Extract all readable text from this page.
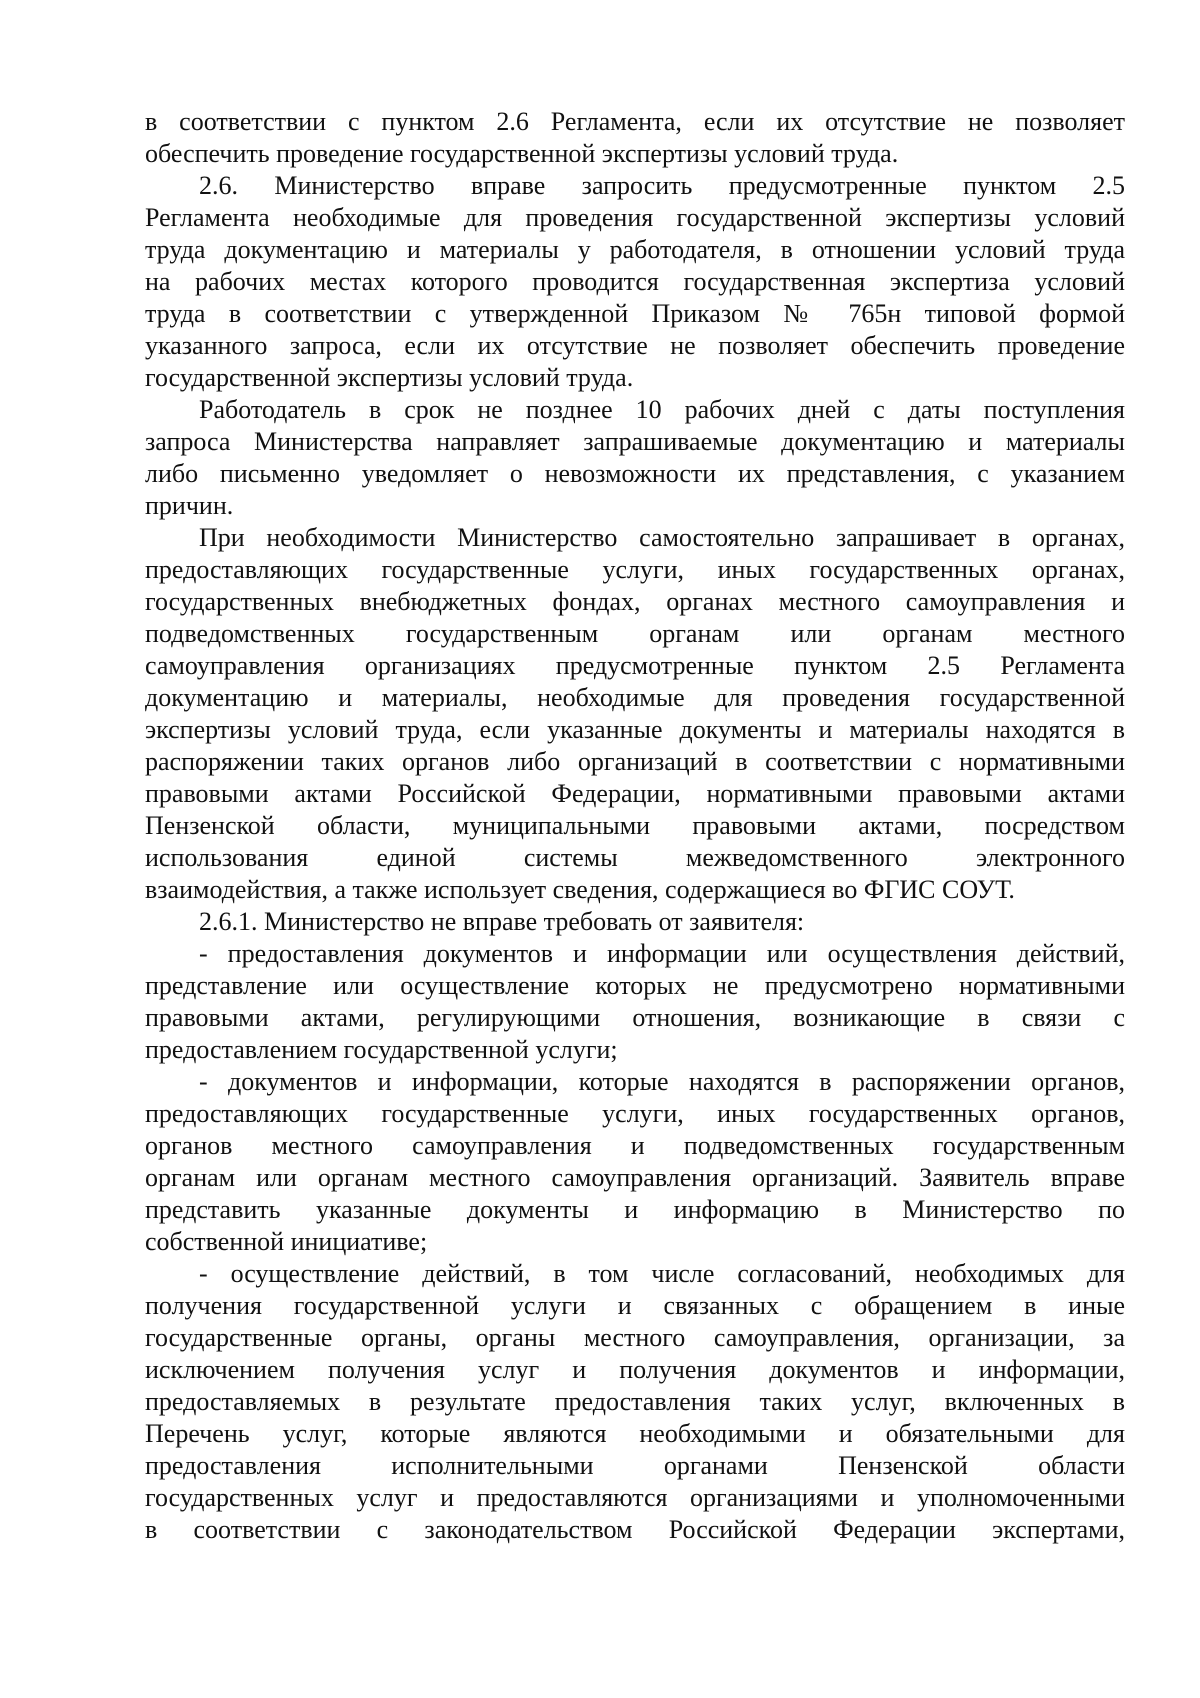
в соответствии с пунктом 2.6 Регламента, если их отсутствие не позволяет
обеспечить проведение государственной экспертизы условий труда.
2.6. Министерство вправе запросить предусмотренные пунктом 2.5
Регламента необходимые для проведения государственной экспертизы условий
труда документацию и материалы у работодателя, в отношении условий труда
на рабочих местах которого проводится государственная экспертиза условий
труда в соответствии с утвержденной Приказом № 765н типовой формой
указанного запроса, если их отсутствие не позволяет обеспечить проведение
государственной экспертизы условий труда.
Работодатель в срок не позднее 10 рабочих дней с даты поступления
запроса Министерства направляет запрашиваемые документацию и материалы
либо письменно уведомляет о невозможности их представления, с указанием
причин.
При необходимости Министерство самостоятельно запрашивает в органах,
предоставляющих государственные услуги, иных государственных органах,
государственных внебюджетных фондах, органах местного самоуправления и
подведомственных государственным органам или органам местного
самоуправления организациях предусмотренные пунктом 2.5 Регламента
документацию и материалы, необходимые для проведения государственной
экспертизы условий труда, если указанные документы и материалы находятся в
распоряжении таких органов либо организаций в соответствии с нормативными
правовыми актами Российской Федерации, нормативными правовыми актами
Пензенской области, муниципальными правовыми актами, посредством
использования единой системы межведомственного электронного
взаимодействия, а также использует сведения, содержащиеся во ФГИС СОУТ.
2.6.1. Министерство не вправе требовать от заявителя:
- предоставления документов и информации или осуществления действий,
представление или осуществление которых не предусмотрено нормативными
правовыми актами, регулирующими отношения, возникающие в связи с
предоставлением государственной услуги;
- документов и информации, которые находятся в распоряжении органов,
предоставляющих государственные услуги, иных государственных органов,
органов местного самоуправления и подведомственных государственным
органам или органам местного самоуправления организаций. Заявитель вправе
представить указанные документы и информацию в Министерство по
собственной инициативе;
- осуществление действий, в том числе согласований, необходимых для
получения государственной услуги и связанных с обращением в иные
государственные органы, органы местного самоуправления, организации, за
исключением получения услуг и получения документов и информации,
предоставляемых в результате предоставления таких услуг, включенных в
Перечень услуг, которые являются необходимыми и обязательными для
предоставления исполнительными органами Пензенской области
государственных услуг и предоставляются организациями и уполномоченными
в соответствии с законодательством Российской Федерации экспертами,
